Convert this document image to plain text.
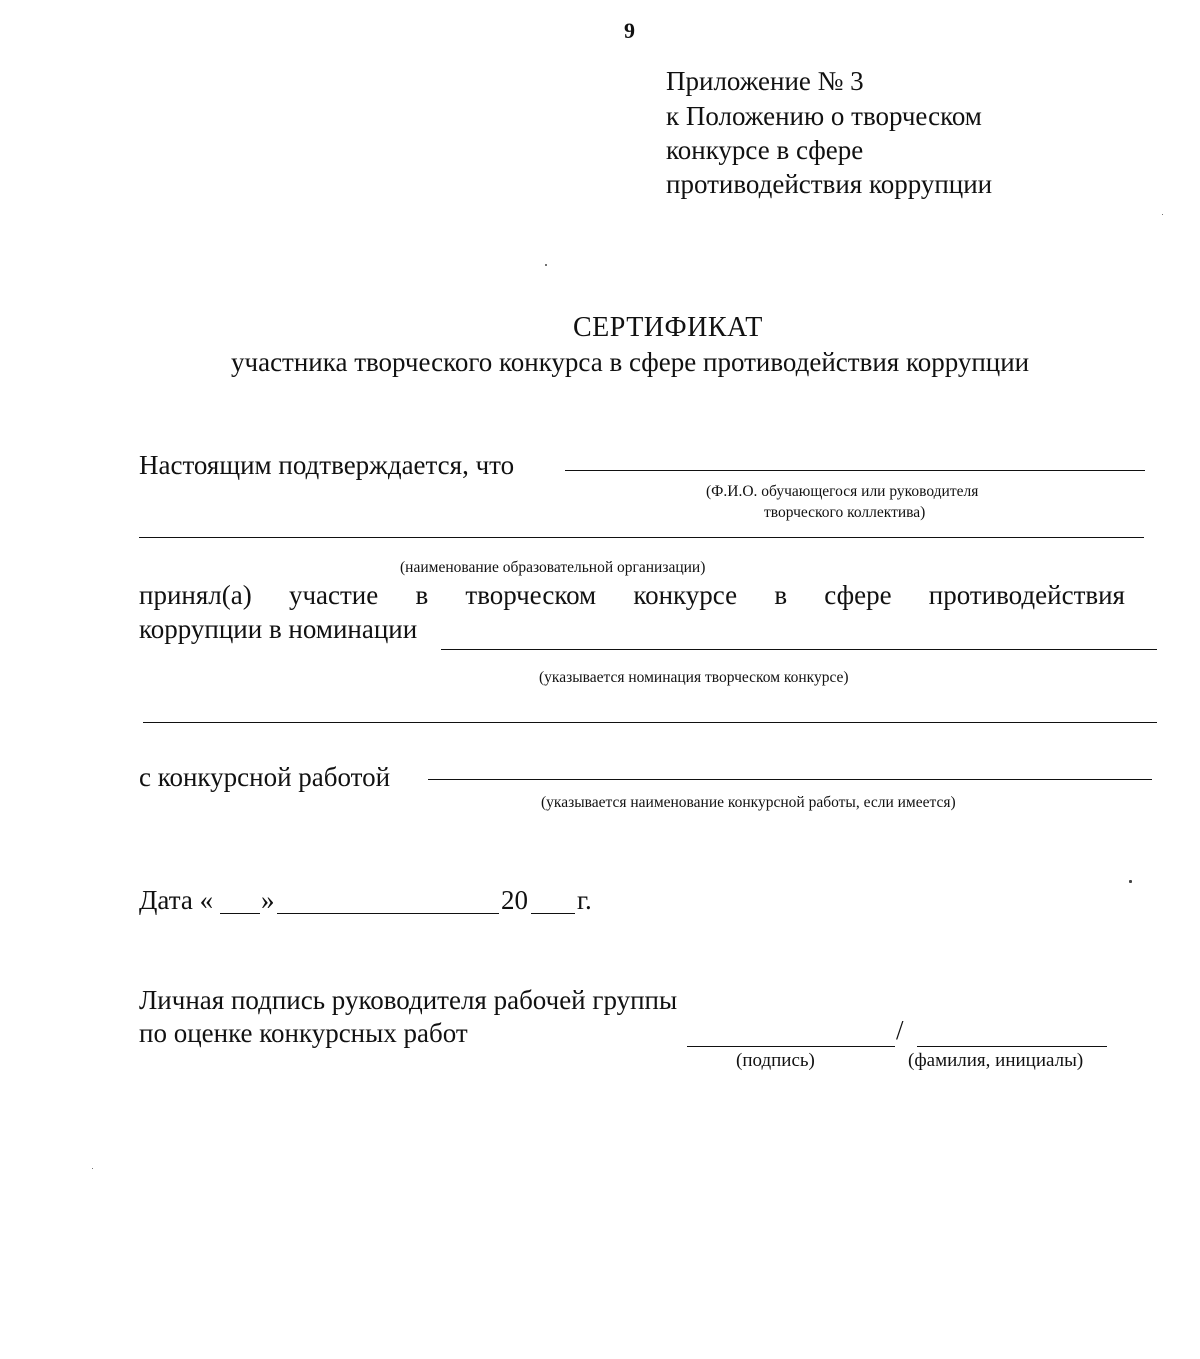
9
Приложение № 3
к Положению о творческом
конкурсе в сфере
противодействия коррупции
СЕРТИФИКАТ
участника творческого конкурса в сфере противодействия коррупции
Настоящим подтверждается, что
(Ф.И.О. обучающегося или руководителя
творческого коллектива)
(наименование образовательной организации)
принял(а) участие в творческом конкурсе в сфере противодействия
коррупции в номинации
(указывается номинация творческом конкурсе)
с конкурсной работой
(указывается наименование конкурсной работы, если имеется)
Дата « »	20 г.
Личная подпись руководителя рабочей группы
по оценке конкурсных работ	/
(подпись)	(фамилия, инициалы)
